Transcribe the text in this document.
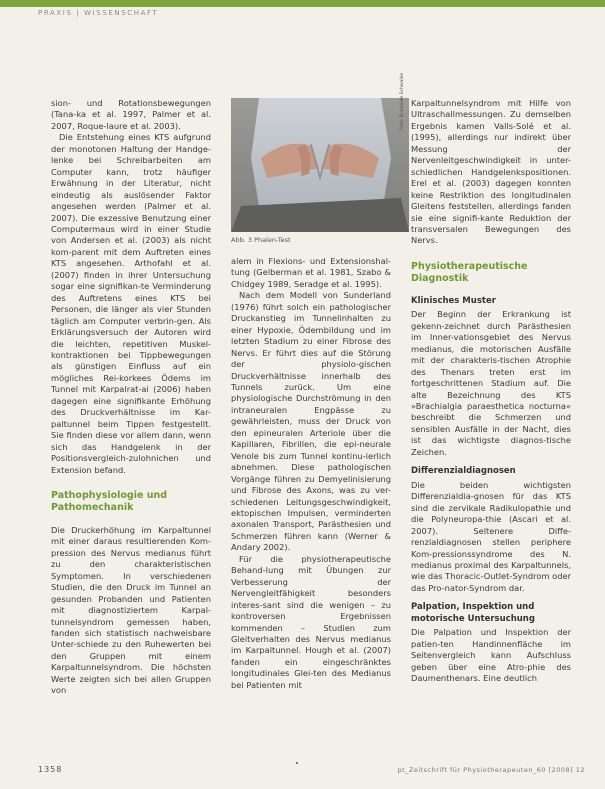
PRAXIS | WISSENSCHAFT

sion- und Rotationsbewegungen (Tana-ka et al. 1997, Palmer et al. 2007, Roque-laure et al. 2003).

Die Entstehung eines KTS aufgrund der monotonen Haltung der Handge-lenke bei Schreibarbeiten am Computer kann, trotz häufiger Erwähnung in der Literatur, nicht eindeutig als auslösender Faktor angesehen werden (Palmer et al. 2007). Die exzessive Benutzung einer Computermaus wird in einer Studie von Andersen et al. (2003) als nicht kom-parent mit dem Auftreten eines KTS angesehen. Arthofahl et al. (2007) finden in ihrer Untersuchung sogar eine signifikan-te Verminderung des Auftretens eines KTS bei Personen, die länger als vier Stunden täglich am Computer verbrin-gen. Als Erklärungsversuch der Autoren wird die leichten, repetitiven Muskel-kontraktionen bei Tippbewegungen als günstigen Einfluss auf ein mögliches Rei-korkees Ödems im Tunnel mit Karpalrat-ai (2006) haben dagegen eine signifikante Erhöhung des Druckverhältnisse im Kar-paltunnel beim Tippen festgestellt. Sie finden diese vor allem dann, wenn sich das Handgelenk in der Positionsvergleich-zulohnichen und Extension befand.

Pathophysiologie und Pathomechanik

Die Druckerhöhung im Karpaltunnel mit einer daraus resultierenden Kom-pression des Nervus medianus führt zu den charakteristischen Symptomen. In verschiedenen Studien, die den Druck im Tunnel an gesunden Probanden und Patienten mit diagnostiziertem Karpal-tunnelsyndrom gemessen haben, fanden sich statistisch nachweisbare Unter-schiede zu den Ruhewerten bei den Gruppen mit einem Karpaltunnelsyndrom. Die höchsten Werte zeigten sich bei allen Gruppen von

Abb. 3 Phalen-Test
Foto: Brunhilde Schwalbe

alem in Flexions- und Extensionshal-tung (Gelberman et al. 1981, Szabo & Chidgey 1989, Seradge et al. 1995).

Nach dem Modell von Sunderland (1976) führt solch ein pathologischer Druckanstieg im Tunnelinhalten zu einer Hypoxie, Ödembildung und im letzten Stadium zu einer Fibrose des Nervs. Er führt dies auf die Störung der physiolo-gischen Druckverhältnisse innerhalb des Tunnels zurück. Um eine physiologische Durchströmung in den intraneuralen Engpässe zu gewährleisten, muss der Druck von den epineuralen Arteriole über die Kapillaren, Fibrillen, die epi-neurale Venole bis zum Tunnel kontinu-ierlich abnehmen. Diese pathologischen Vorgänge führen zu Demyelinisierung und Fibrose des Axons, was zu ver-schiedenen Leitungsgeschwindigkeit, ektopischen Impulsen, verminderten axonalen Transport, Parästhesien und Schmerzen führen kann (Werner & Andary 2002).

Für die physiotherapeutische Behand-lung mit Übungen zur Verbesserung der Nervengleitfähigkeit besonders interes-sant sind die wenigen – zu kontroversen Ergebnissen kommenden – Studien zum Gleitverhalten des Nervus medianus im Karpaltunnel. Hough et al. (2007) fanden ein eingeschränktes longitudinales Glei-ten des Medianus bei Patienten mit

Karpaltunnelsyndrom mit Hilfe von Ultraschallmessungen. Zu demselben Ergebnis kamen Valls-Solé et al. (1995), allerdings nur indirekt über Messung der Nervenleitgeschwindigkeit in unter-schiedlichen Handgelenkspositionen. Erel et al. (2003) dagegen konnten keine Restriktion des longitudinalen Gleitens feststellen, allerdings fanden sie eine signifi-kante Reduktion der transversalen Bewegungen des Nervs.

Physiotherapeutische Diagnostik
Klinisches Muster

Der Beginn der Erkrankung ist gekenn-zeichnet durch Parästhesien im Inner-vationsgebiet des Nervus medianus, die motorischen Ausfälle mit der charakteris-tischen Atrophie des Thenars treten erst im fortgeschrittenen Stadium auf. Die alte Bezeichnung des KTS »Brachialgia paraesthetica nocturna« beschreibt die Schmerzen und sensiblen Ausfälle in der Nacht, dies ist das wichtigste diagnos-tische Zeichen.

Differenzialdiagnosen

Die beiden wichtigsten Differenzialdia-gnosen für das KTS sind die zervikale Radikulopathie und die Polyneuropa-thie (Ascari et al. 2007). Seltenere Diffe-renzialdiagnosen stellen periphere Kom-pressionssyndrome des N. medianus proximal des Karpaltunnels, wie das Thoracic-Outlet-Syndrom oder das Pro-nator-Syndrom dar.

Palpation, Inspektion und motorische Untersuchung

Die Palpation und Inspektion der patien-ten Handinnenfläche im Seitenvergleich kann Aufschluss geben über eine Atro-phie des Daumenthenars. Eine deutlich

1358	pt_Zeitschrift für Physiotherapeuten_60 [2008] 12
